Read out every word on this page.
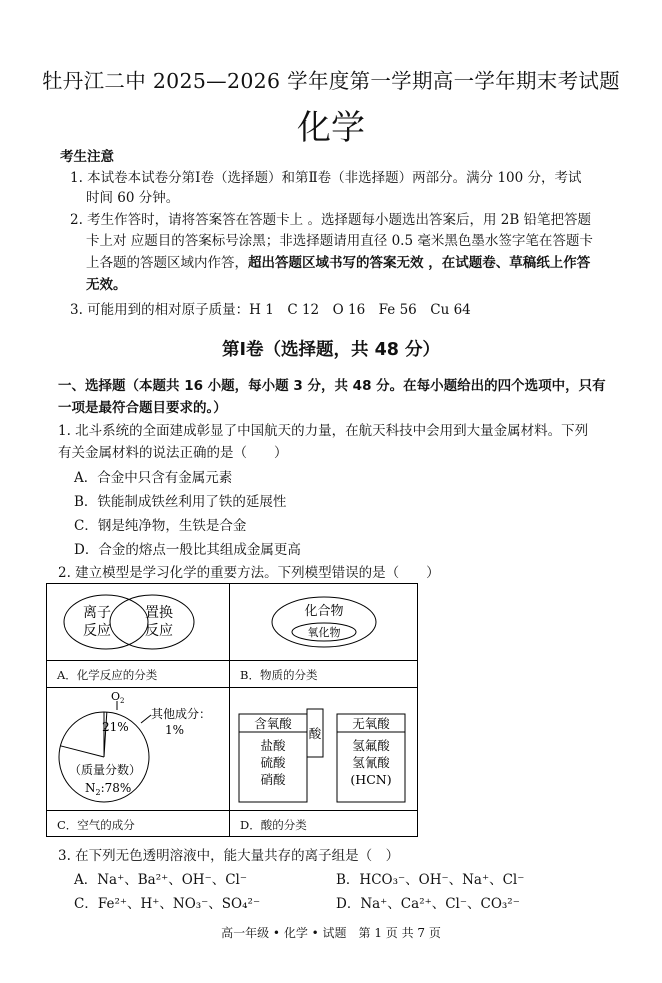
牡丹江二中 2025—2026 学年度第一学期高一学年期末考试题
化学
考生注意
1. 本试卷本试卷分第Ⅰ卷（选择题）和第Ⅱ卷（非选择题）两部分。满分 100 分，考试
时间 60 分钟。
2. 考生作答时，请将答案答在答题卡上 。选择题每小题选出答案后，用 2B 铅笔把答题
卡上对 应题目的答案标号涂黑；非选择题请用直径 0.5 毫米黑色墨水签字笔在答题卡
上各题的答题区域内作答，超出答题区域书写的答案无效 ，在试题卷、草稿纸上作答
无效。
3. 可能用到的相对原子质量：H 1　C 12　O 16　Fe 56　Cu 64
第Ⅰ卷（选择题，共 48 分）
一、选择题（本题共 16 小题，每小题 3 分，共 48 分。在每小题给出的四个选项中，只有
一项是最符合题目要求的。）
1. 北斗系统的全面建成彰显了中国航天的力量，在航天科技中会用到大量金属材料。下列
有关金属材料的说法正确的是（　　）
A．合金中只含有金属元素
B．铁能制成铁丝利用了铁的延展性
C．钢是纯净物，生铁是合金
D．合金的熔点一般比其组成金属更高
2. 建立模型是学习化学的重要方法。下列模型错误的是（　　）
离子
反应
置换
反应
A．化学反应的分类
化合物
氧化物
B．物质的分类
$O_2$
21%
其他成分：
1%
（质量分数）
$N_2:78\%$
C．空气的成分
含氧酸
盐酸
硫酸
硝酸
酸
无氧酸
氢氟酸
氢氰酸
(HCN)
D．酸的分类
3. 在下列无色透明溶液中，能大量共存的离子组是（　）
A．Na⁺、Ba²⁺、OH⁻、Cl⁻	B．HCO₃⁻、OH⁻、Na⁺、Cl⁻
C．Fe²⁺、H⁺、NO₃⁻、SO₄²⁻	D．Na⁺、Ca²⁺、Cl⁻、CO₃²⁻
高一年级 • 化学 • 试题　第 1 页 共 7 页
